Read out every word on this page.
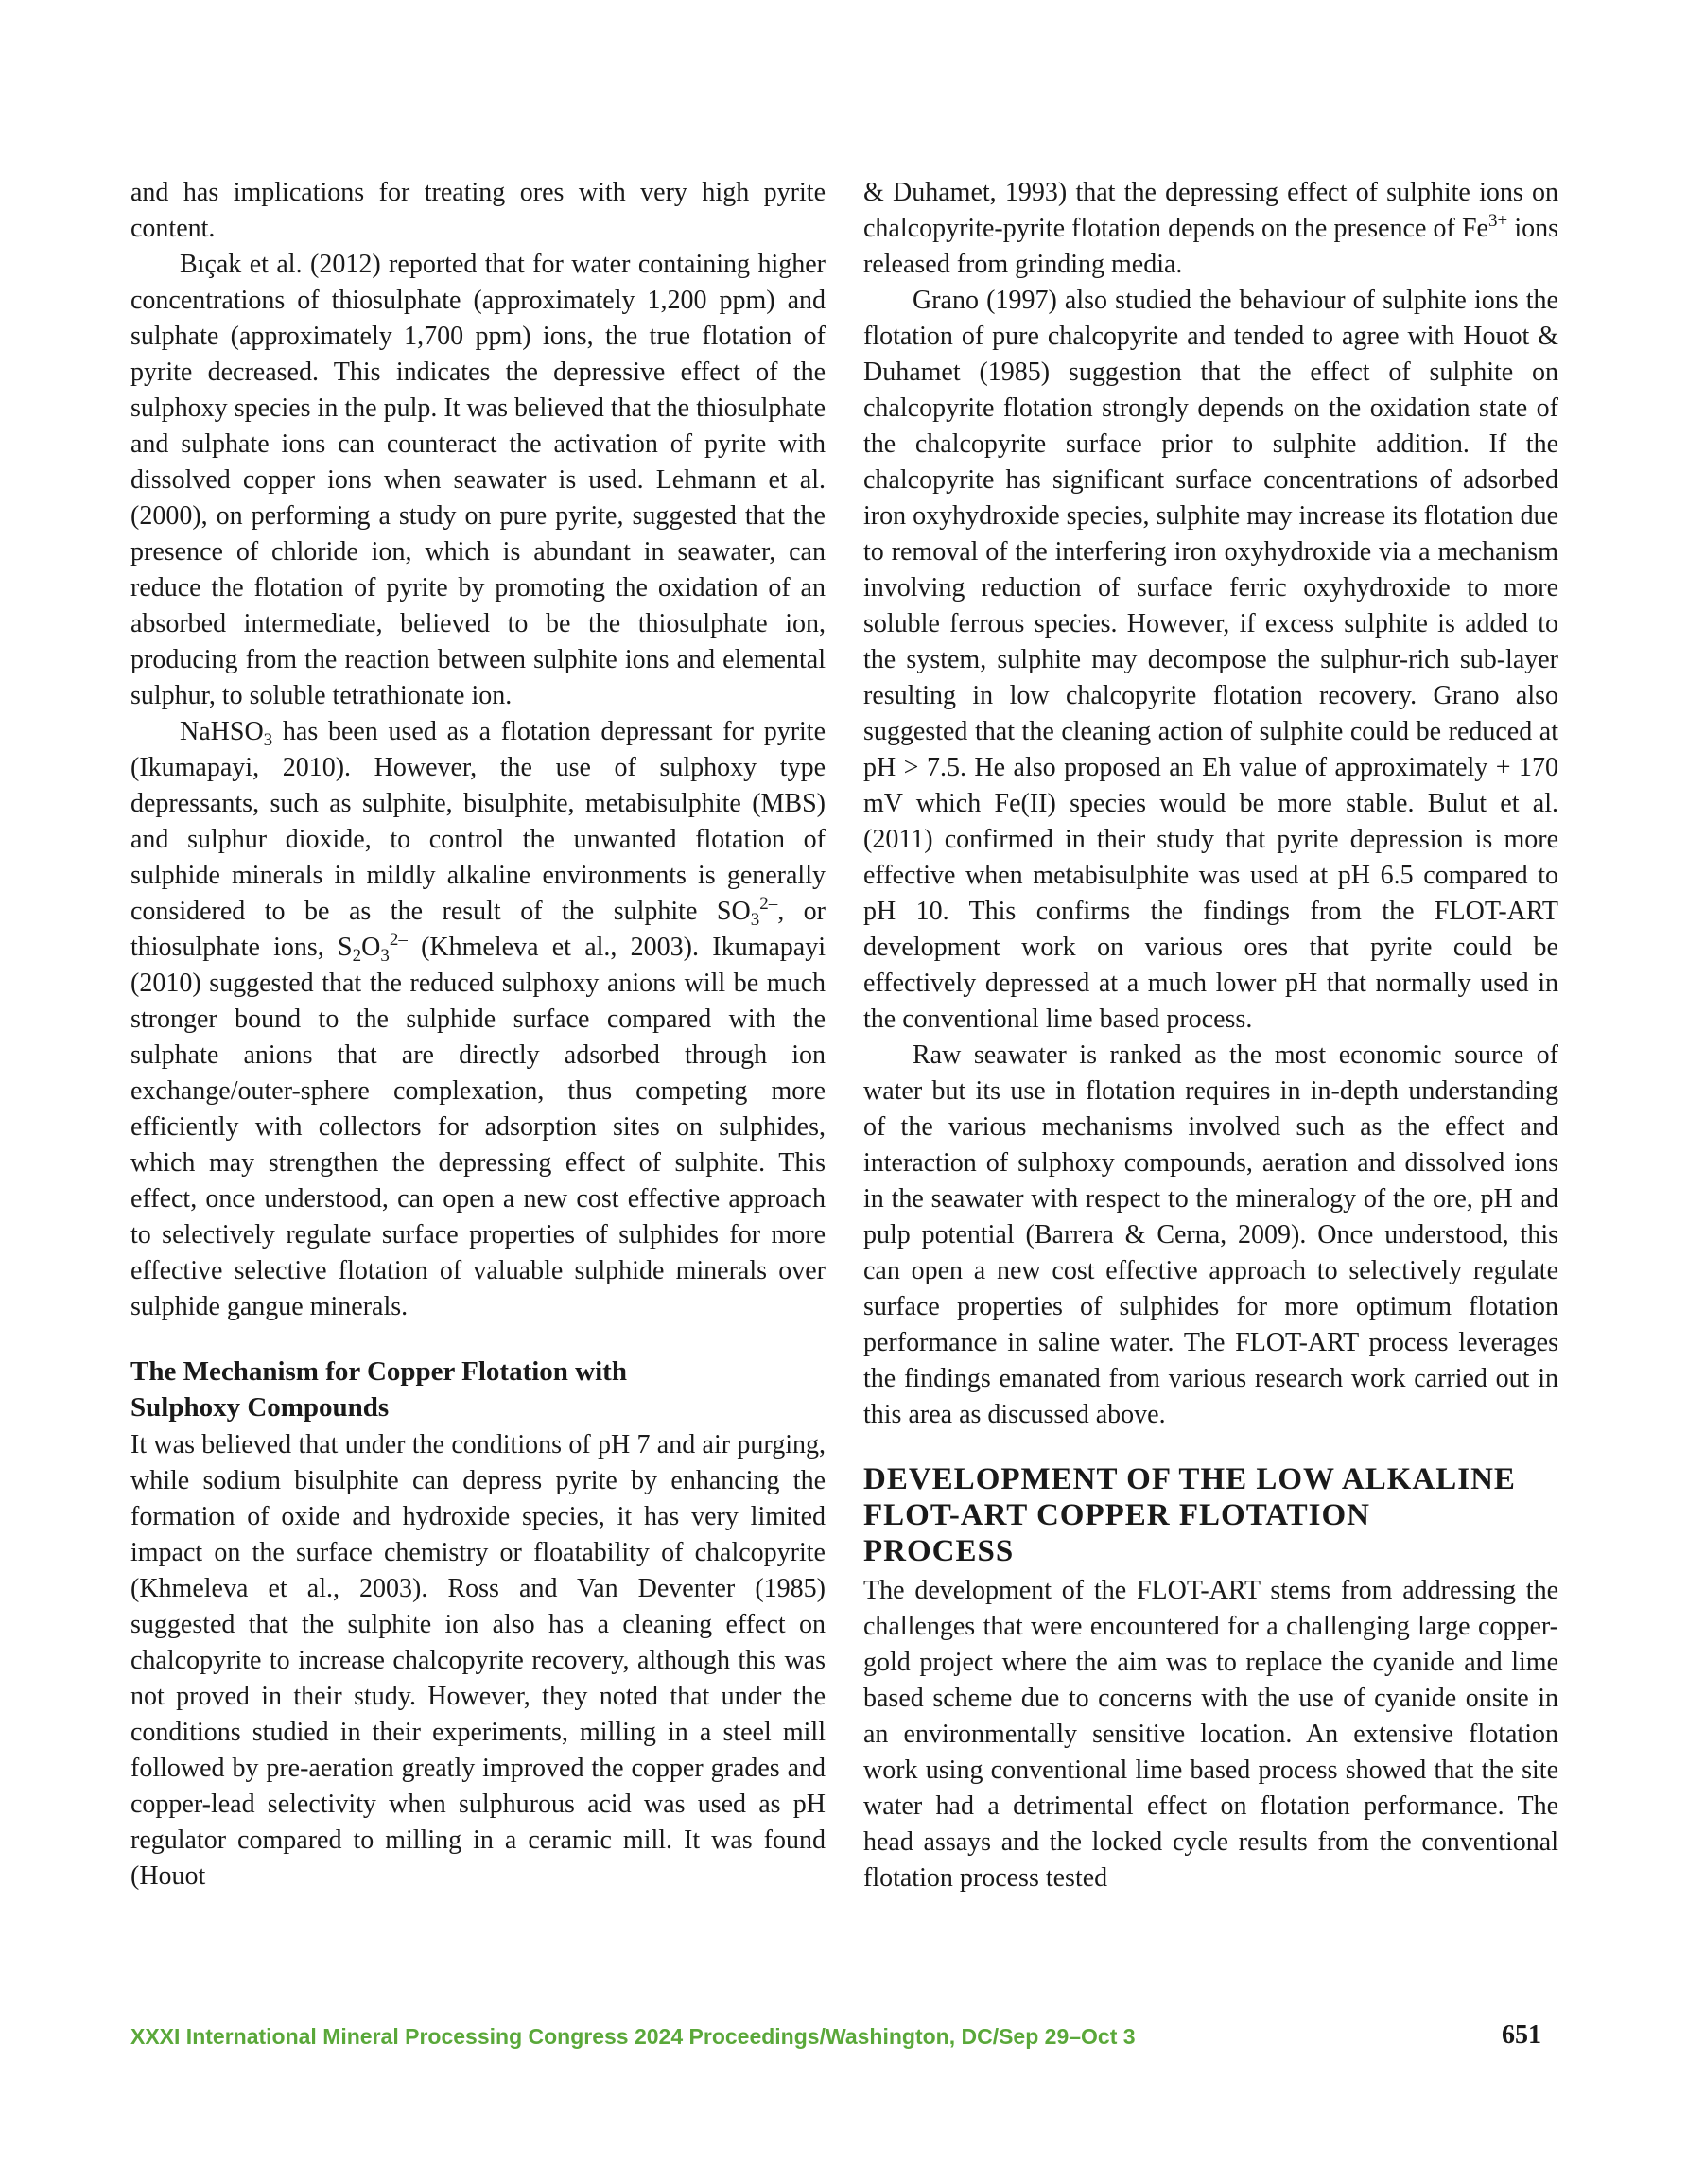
and has implications for treating ores with very high pyrite content.

Bıçak et al. (2012) reported that for water containing higher concentrations of thiosulphate (approximately 1,200 ppm) and sulphate (approximately 1,700 ppm) ions, the true flotation of pyrite decreased. This indicates the depressive effect of the sulphoxy species in the pulp. It was believed that the thiosulphate and sulphate ions can counteract the activation of pyrite with dissolved copper ions when seawater is used. Lehmann et al. (2000), on performing a study on pure pyrite, suggested that the presence of chloride ion, which is abundant in seawater, can reduce the flotation of pyrite by promoting the oxidation of an absorbed intermediate, believed to be the thiosulphate ion, producing from the reaction between sulphite ions and elemental sulphur, to soluble tetrathionate ion.

NaHSO$_3$ has been used as a flotation depressant for pyrite (Ikumapayi, 2010). However, the use of sulphoxy type depressants, such as sulphite, bisulphite, metabisulphite (MBS) and sulphur dioxide, to control the unwanted flotation of sulphide minerals in mildly alkaline environments is generally considered to be as the result of the sulphite $SO_3^{2-}$, or thiosulphate ions, $S_2O_3^{2-}$ (Khmeleva et al., 2003). Ikumapayi (2010) suggested that the reduced sulphoxy anions will be much stronger bound to the sulphide surface compared with the sulphate anions that are directly adsorbed through ion exchange/outer-sphere complexation, thus competing more efficiently with collectors for adsorption sites on sulphides, which may strengthen the depressing effect of sulphite. This effect, once understood, can open a new cost effective approach to selectively regulate surface properties of sulphides for more effective selective flotation of valuable sulphide minerals over sulphide gangue minerals.

The Mechanism for Copper Flotation with
Sulphoxy Compounds

It was believed that under the conditions of pH 7 and air purging, while sodium bisulphite can depress pyrite by enhancing the formation of oxide and hydroxide species, it has very limited impact on the surface chemistry or floatability of chalcopyrite (Khmeleva et al., 2003). Ross and Van Deventer (1985) suggested that the sulphite ion also has a cleaning effect on chalcopyrite to increase chalcopyrite recovery, although this was not proved in their study. However, they noted that under the conditions studied in their experiments, milling in a steel mill followed by pre-aeration greatly improved the copper grades and copper-lead selectivity when sulphurous acid was used as pH regulator compared to milling in a ceramic mill. It was found (Houot

& Duhamet, 1993) that the depressing effect of sulphite ions on chalcopyrite-pyrite flotation depends on the presence of $Fe^{3+}$ ions released from grinding media.

Grano (1997) also studied the behaviour of sulphite ions the flotation of pure chalcopyrite and tended to agree with Houot & Duhamet (1985) suggestion that the effect of sulphite on chalcopyrite flotation strongly depends on the oxidation state of the chalcopyrite surface prior to sulphite addition. If the chalcopyrite has significant surface concentrations of adsorbed iron oxyhydroxide species, sulphite may increase its flotation due to removal of the interfering iron oxyhydroxide via a mechanism involving reduction of surface ferric oxyhydroxide to more soluble ferrous species. However, if excess sulphite is added to the system, sulphite may decompose the sulphur-rich sub-layer resulting in low chalcopyrite flotation recovery. Grano also suggested that the cleaning action of sulphite could be reduced at pH > 7.5. He also proposed an Eh value of approximately + 170 mV which Fe(II) species would be more stable. Bulut et al. (2011) confirmed in their study that pyrite depression is more effective when metabisulphite was used at pH 6.5 compared to pH 10. This confirms the findings from the FLOT-ART development work on various ores that pyrite could be effectively depressed at a much lower pH that normally used in the conventional lime based process.

Raw seawater is ranked as the most economic source of water but its use in flotation requires in in-depth understanding of the various mechanisms involved such as the effect and interaction of sulphoxy compounds, aeration and dissolved ions in the seawater with respect to the mineralogy of the ore, pH and pulp potential (Barrera & Cerna, 2009). Once understood, this can open a new cost effective approach to selectively regulate surface properties of sulphides for more optimum flotation performance in saline water. The FLOT-ART process leverages the findings emanated from various research work carried out in this area as discussed above.

DEVELOPMENT OF THE LOW ALKALINE
FLOT-ART COPPER FLOTATION
PROCESS

The development of the FLOT-ART stems from addressing the challenges that were encountered for a challenging large copper-gold project where the aim was to replace the cyanide and lime based scheme due to concerns with the use of cyanide onsite in an environmentally sensitive location. An extensive flotation work using conventional lime based process showed that the site water had a detrimental effect on flotation performance. The head assays and the locked cycle results from the conventional flotation process tested

XXXI International Mineral Processing Congress 2024 Proceedings/Washington, DC/Sep 29–Oct 3	651
